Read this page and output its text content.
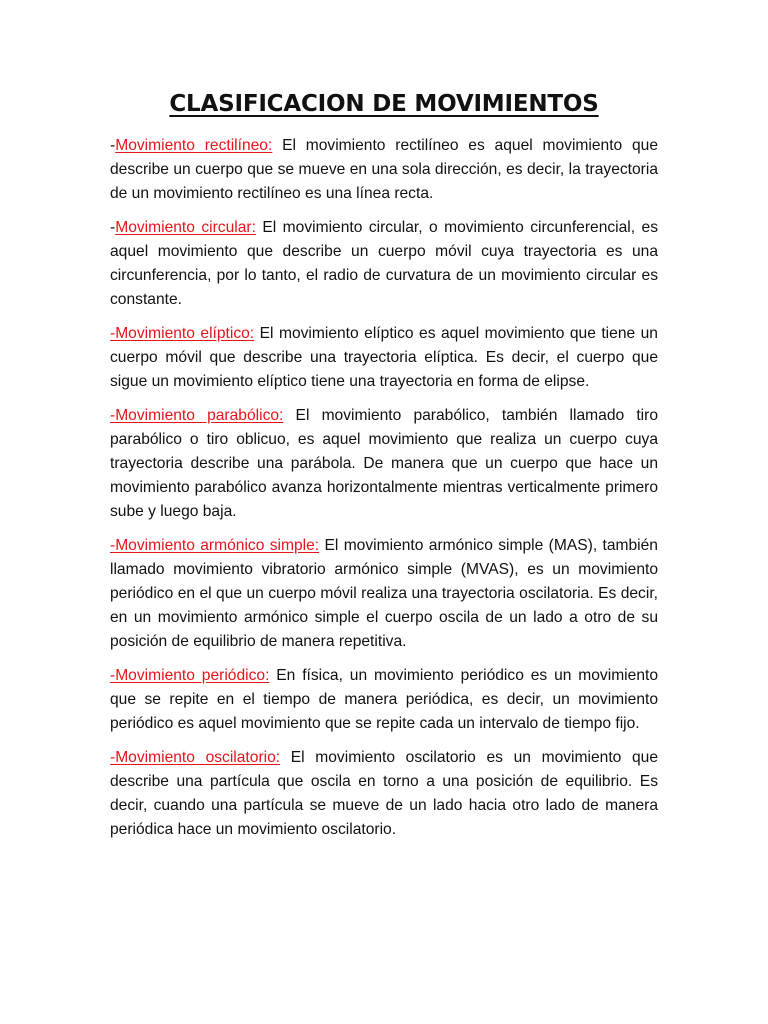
CLASIFICACION DE MOVIMIENTOS

-Movimiento rectilíneo: El movimiento rectilíneo es aquel movimiento que describe un cuerpo que se mueve en una sola dirección, es decir, la trayectoria de un movimiento rectilíneo es una línea recta.

-Movimiento circular: El movimiento circular, o movimiento circunferencial, es aquel movimiento que describe un cuerpo móvil cuya trayectoria es una circunferencia, por lo tanto, el radio de curvatura de un movimiento circular es constante.

-Movimiento elíptico: El movimiento elíptico es aquel movimiento que tiene un cuerpo móvil que describe una trayectoria elíptica. Es decir, el cuerpo que sigue un movimiento elíptico tiene una trayectoria en forma de elipse.

-Movimiento parabólico: El movimiento parabólico, también llamado tiro parabólico o tiro oblicuo, es aquel movimiento que realiza un cuerpo cuya trayectoria describe una parábola. De manera que un cuerpo que hace un movimiento parabólico avanza horizontalmente mientras verticalmente primero sube y luego baja.

-Movimiento armónico simple: El movimiento armónico simple (MAS), también llamado movimiento vibratorio armónico simple (MVAS), es un movimiento periódico en el que un cuerpo móvil realiza una trayectoria oscilatoria. Es decir, en un movimiento armónico simple el cuerpo oscila de un lado a otro de su posición de equilibrio de manera repetitiva.

-Movimiento periódico: En física, un movimiento periódico es un movimiento que se repite en el tiempo de manera periódica, es decir, un movimiento periódico es aquel movimiento que se repite cada un intervalo de tiempo fijo.

-Movimiento oscilatorio: El movimiento oscilatorio es un movimiento que describe una partícula que oscila en torno a una posición de equilibrio. Es decir, cuando una partícula se mueve de un lado hacia otro lado de manera periódica hace un movimiento oscilatorio.
